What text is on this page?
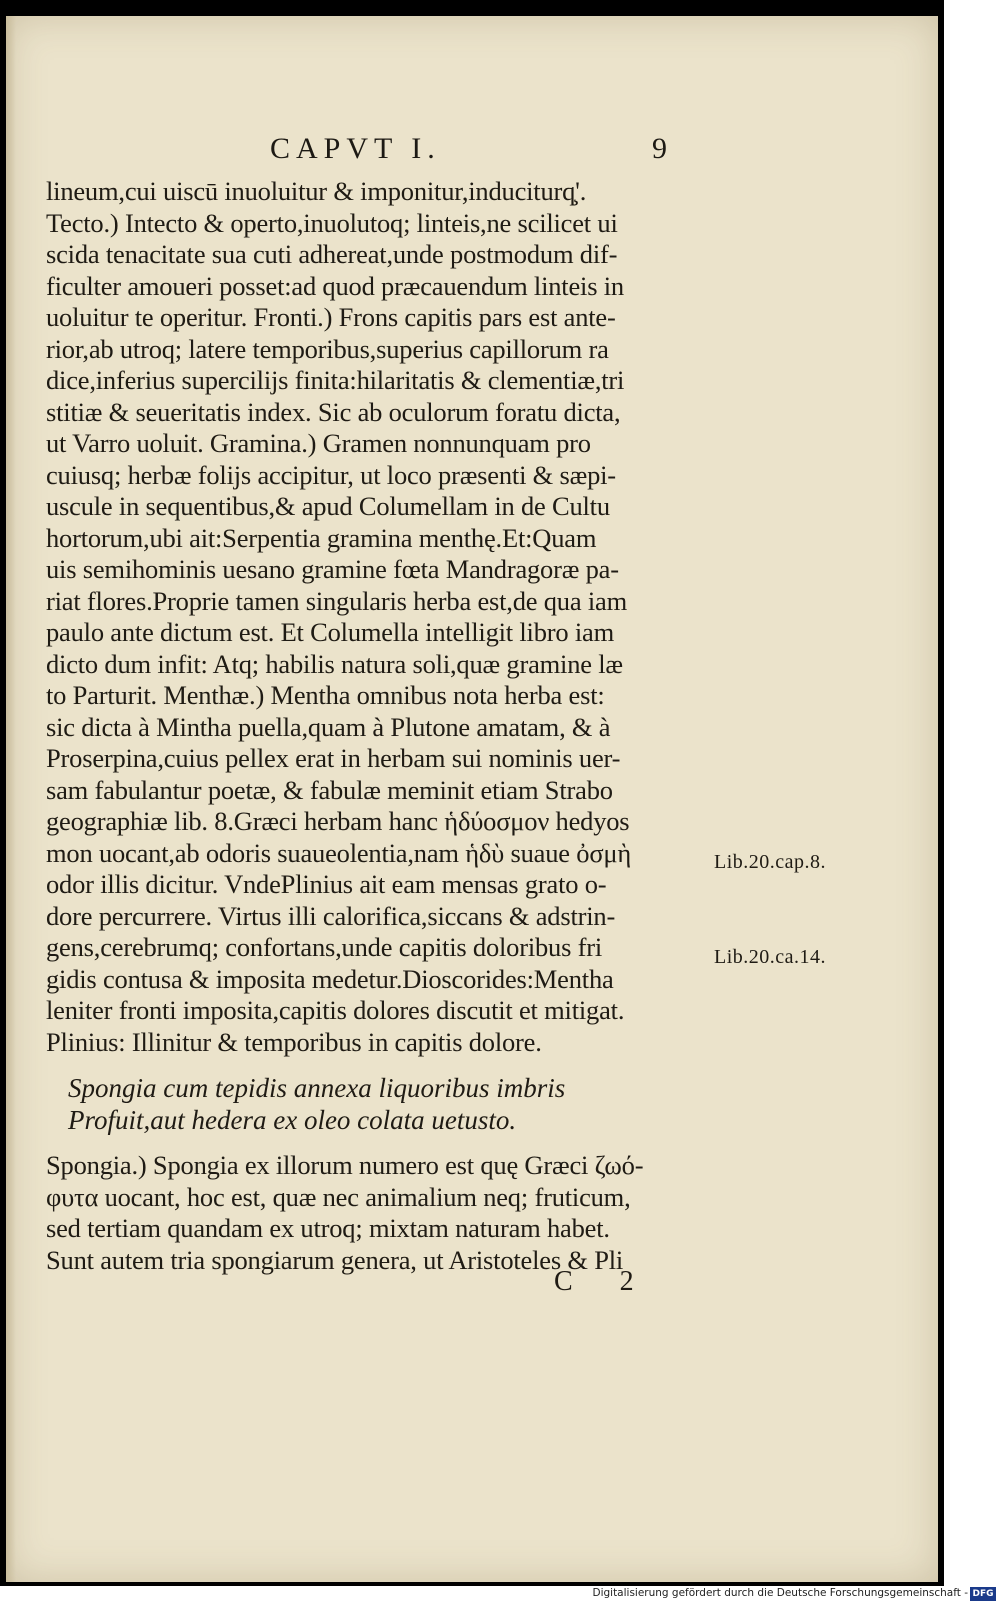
CAPVT I.	9
lineum,cui uiscū inuoluitur & imponitur,induciturq̧'.
Tecto.) Intecto & operto,inuolutoq; linteis,ne scilicet ui
scida tenacitate sua cuti adhereat,unde postmodum dif-
ficulter amoueri posset:ad quod præcauendum linteis in
uoluitur te operitur. Fronti.) Frons capitis pars est ante-
rior,ab utroq; latere temporibus,superius capillorum ra
dice,inferius supercilijs finita:hilaritatis & clementiæ,tri
stitiæ & seueritatis index. Sic ab oculorum foratu dicta,
ut Varro uoluit. Gramina.) Gramen nonnunquam pro
cuiusq; herbæ folijs accipitur, ut loco præsenti & sæpi-
uscule in sequentibus,& apud Columellam in de Cultu
hortorum,ubi ait:Serpentia gramina menthę.Et:Quam
uis semihominis uesano gramine fœta Mandragoræ pa-
riat flores.Proprie tamen singularis herba est,de qua iam
paulo ante dictum est. Et Columella intelligit libro iam
dicto dum infit: Atq; habilis natura soli,quæ gramine læ
to Parturit. Menthæ.) Mentha omnibus nota herba est:
sic dicta à Mintha puella,quam à Plutone amatam, & à
Proserpina,cuius pellex erat in herbam sui nominis uer-
sam fabulantur poetæ, & fabulæ meminit etiam Strabo
geographiæ lib. 8.Græci herbam hanc ἡδύοσμον hedyos
mon uocant,ab odoris suaueolentia,nam ἡδὺ suaue ὀσμὴ
odor illis dicitur. VndePlinius ait eam mensas grato o-
dore percurrere. Virtus illi calorifica,siccans & adstrin-
gens,cerebrumq; confortans,unde capitis doloribus fri
gidis contusa & imposita medetur.Dioscorides:Mentha
leniter fronti imposita,capitis dolores discutit et mitigat.
Plinius: Illinitur & temporibus in capitis dolore.
Spongia cum tepidis annexa liquoribus imbris
Profuit,aut hedera ex oleo colata uetusto.
Spongia.) Spongia ex illorum numero est quę Græci ζωό-
φυτα uocant, hoc est, quæ nec animalium neq; fruticum,
sed tertiam quandam ex utroq; mixtam naturam habet.
Sunt autem tria spongiarum genera, ut Aristoteles & Pli
Lib.20.cap.8.
Lib.20.ca.14.
C 2
Digitalisierung gefördert durch die Deutsche Forschungsgemeinschaft - DFG
